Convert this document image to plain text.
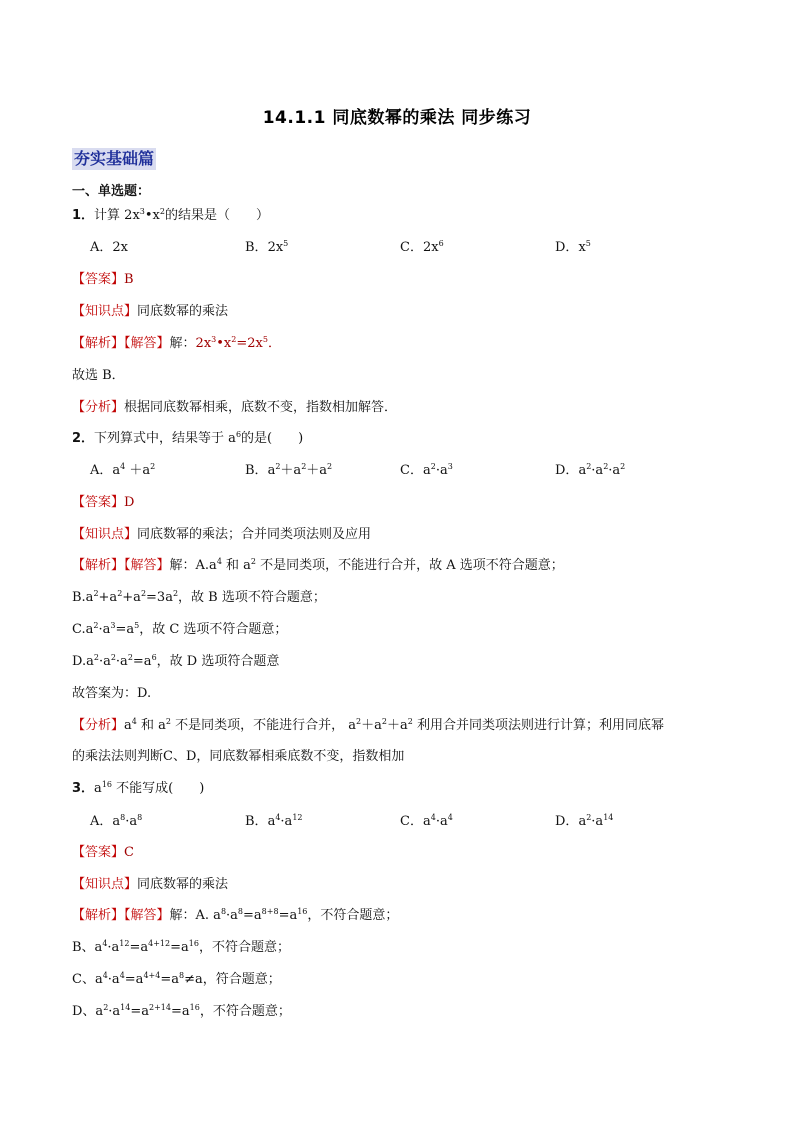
14.1.1 同底数幂的乘法 同步练习
夯实基础篇
一、单选题：
1．计算 $2x^3•x^2$的结果是（　　）
A．2x	B．$2x^5$	C．$2x^6$	D．$x^5$
【答案】B
【知识点】同底数幂的乘法
【解析】【解答】解：$2x^3•x^2=2x^5$．
故选 B．
【分析】根据同底数幂相乘，底数不变，指数相加解答．
2．下列算式中，结果等于 $a^6$的是(　　)
A．$a^4 +a^2$	B．$a^2+a^2+a^2$	C．$a^2\cdot a^3$	D．$a^2\cdot a^2\cdot a^2$
【答案】D
【知识点】同底数幂的乘法；合并同类项法则及应用
【解析】【解答】解：$A.a^4$ 和 $a^2$ 不是同类项，不能进行合并，故 A 选项不符合题意；
$B.a^2+a^2+a^2=3a^2$，故 B 选项不符合题意；
$C.a^2\cdot a^3=a^5$，故 C 选项不符合题意；
$D.a^2\cdot a^2\cdot a^2=a^6$，故 D 选项符合题意
故答案为：D.
【分析】$a^4$ 和 $a^2$ 不是同类项，不能进行合并， $a^2+a^2+a^2$ 利用合并同类项法则进行计算；利用同底幂
的乘法法则判断C、D，同底数幂相乘底数不变，指数相加
3．$a^{16}$ 不能写成(　　)
A．$a^8\cdot a^8$	B．$a^4\cdot a^{12}$	C．$a^4\cdot a^4$	D．$a^2\cdot a^{14}$
【答案】C
【知识点】同底数幂的乘法
【解析】【解答】解：A. $a^8\cdot a^8=a^{8+8}=a^{16}$，不符合题意；
B、$a^4\cdot a^{12}=a^{4+12}=a^{16}$，不符合题意；
C、$a^4\cdot a^4=a^{4+4}=a^8\ne a$，符合题意；
D、$a^2\cdot a^{14}=a^{2+14}=a^{16}$，不符合题意；
